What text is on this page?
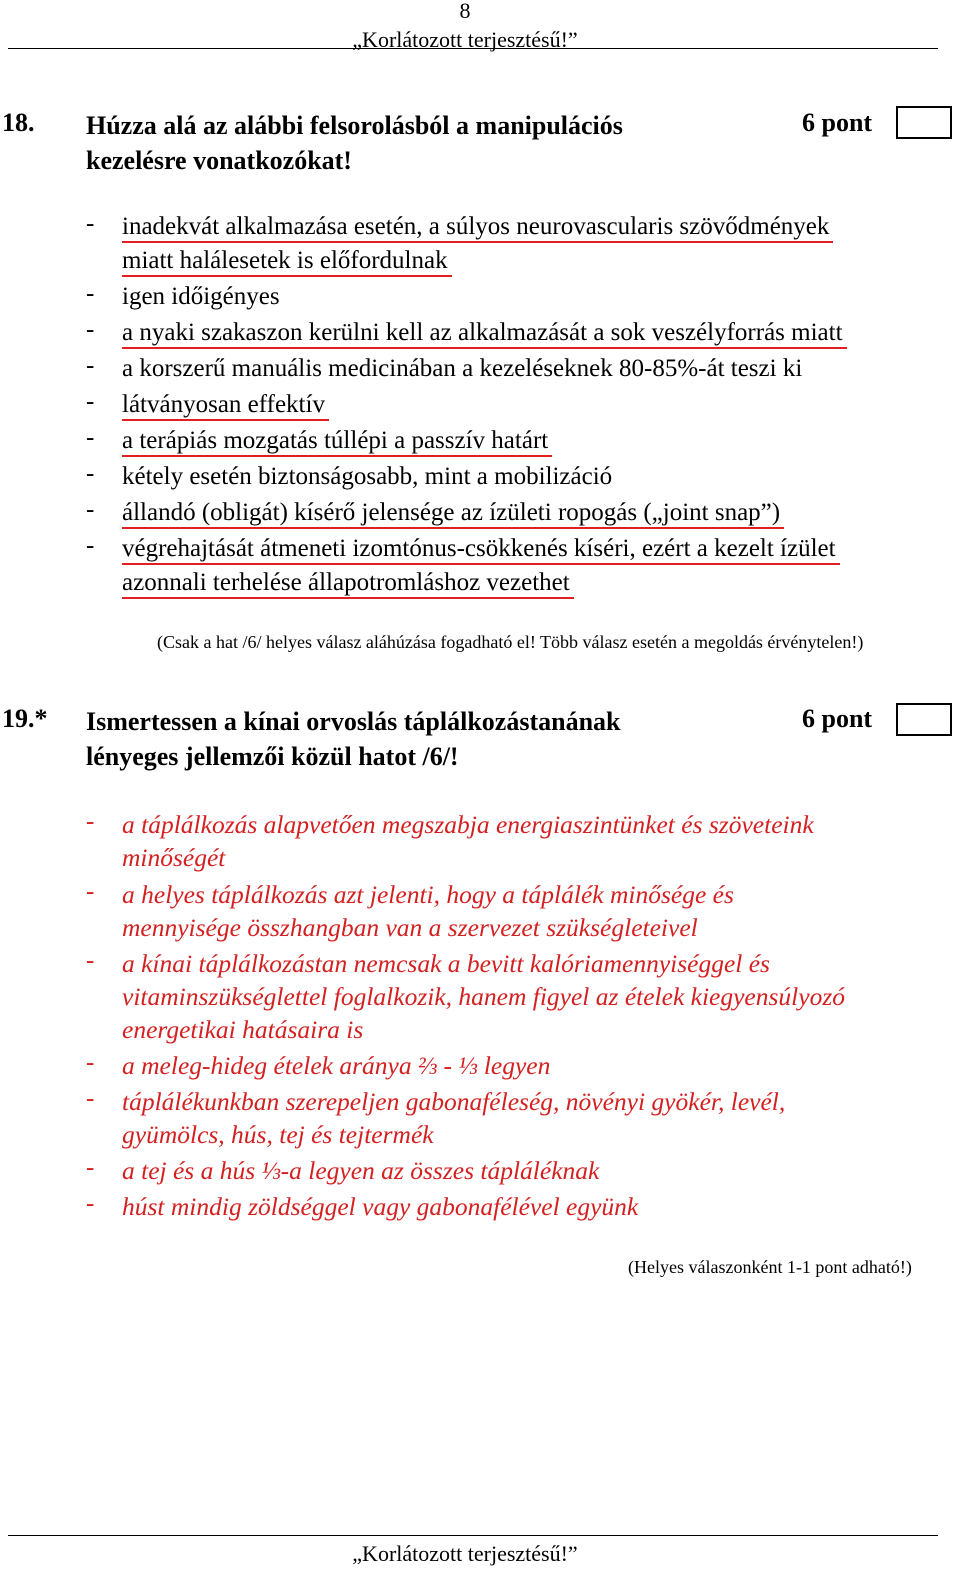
8
„Korlátozott terjesztésű!”
18. Húzza alá az alábbi felsorolásból a manipulációs
kezelésre vonatkozókat!
6 pont
- inadekvát alkalmazása esetén, a súlyos neurovascularis szövődmények
miatt halálesetek is előfordulnak
- igen időigényes
- a nyaki szakaszon kerülni kell az alkalmazását a sok veszélyforrás miatt
- a korszerű manuális medicinában a kezeléseknek 80-85%-át teszi ki
- látványosan effektív
- a terápiás mozgatás túllépi a passzív határt
- kétely esetén biztonságosabb, mint a mobilizáció
- állandó (obligát) kísérő jelensége az ízületi ropogás („joint snap”)
- végrehajtását átmeneti izomtónus-csökkenés kíséri, ezért a kezelt ízület
azonnali terhelése állapotromláshoz vezethet
(Csak a hat /6/ helyes válasz aláhúzása fogadható el! Több válasz esetén a megoldás érvénytelen!)
19.* Ismertessen a kínai orvoslás táplálkozástanának
lényeges jellemzői közül hatot /6/!
6 pont
- a táplálkozás alapvetően megszabja energiaszintünket és szöveteink
minőségét
- a helyes táplálkozás azt jelenti, hogy a táplálék minősége és
mennyisége összhangban van a szervezet szükségleteivel
- a kínai táplálkozástan nemcsak a bevitt kalóriamennyiséggel és
vitaminszükséglettel foglalkozik, hanem figyel az ételek kiegyensúlyozó
energetikai hatásaira is
- a meleg-hideg ételek aránya ⅔ - ⅓ legyen
- táplálékunkban szerepeljen gabonaféleség, növényi gyökér, levél,
gyümölcs, hús, tej és tejtermék
- a tej és a hús ⅓-a legyen az összes tápláléknak
- húst mindig zöldséggel vagy gabonafélével együnk
(Helyes válaszonként 1-1 pont adható!)
„Korlátozott terjesztésű!”
